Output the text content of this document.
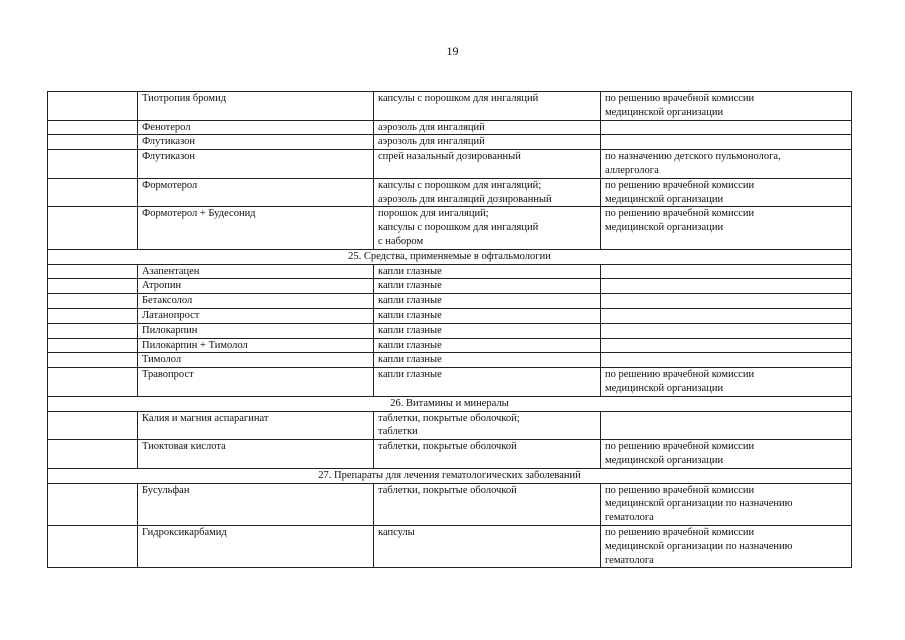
19
	Тиотропия бромид	капсулы с порошком для ингаляций	по решению врачебной комиссии
медицинской организации
	Фенотерол	аэрозоль для ингаляций	
	Флутиказон	аэрозоль для ингаляций	
	Флутиказон	спрей назальный дозированный	по назначению детского пульмонолога,
аллерголога
	Формотерол	капсулы с порошком для ингаляций;
аэрозоль для ингаляций дозированный	по решению врачебной комиссии
медицинской организации
	Формотерол + Будесонид	порошок для ингаляций;
капсулы с порошком для ингаляций
с набором	по решению врачебной комиссии
медицинской организации
25. Средства, применяемые в офтальмологии			
	Азапентацен	капли глазные	
	Атропин	капли глазные	
	Бетаксолол	капли глазные	
	Латанопрост	капли глазные	
	Пилокарпин	капли глазные	
	Пилокарпин + Тимолол	капли глазные	
	Тимолол	капли глазные	
	Травопрост	капли глазные	по решению врачебной комиссии
медицинской организации
26. Витамины и минералы			
	Калия и магния аспарагинат	таблетки, покрытые оболочкой;
таблетки	
	Тиоктовая кислота	таблетки, покрытые оболочкой	по решению врачебной комиссии
медицинской организации
27. Препараты для лечения гематологических заболеваний			
	Бусульфан	таблетки, покрытые оболочкой	по решению врачебной комиссии
медицинской организации по назначению
гематолога
	Гидроксикарбамид	капсулы	по решению врачебной комиссии
медицинской организации по назначению
гематолога
